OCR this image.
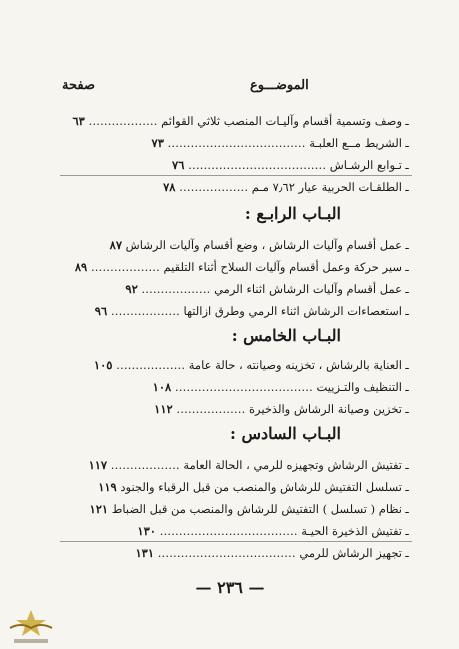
الموضـــوع
صفحة
ـوصف وتسمية أقسام وآليـات المنصب ثلاثي القوائم ……………… ٦٣
ـالشريط مــع العلبـة ……………………………… ٧٣
ـتـوابع الرشـاش ……………………………… ٧٦
ـالطلقـات الحربية عيار ٧٫٦٢ مـم ……………… ٧٨
البـاب الرابـع :
ـعمل أقسام وآليات الرشاش ، وضع أقسام وآليات الرشاش ٨٧
ـسير حركة وعمل أقسام وآليات السلاح أثناء التلقيم ……………… ٨٩
ـعمل أقسام وآليات الرشاش اثناء الرمي ……………… ٩٢
ـاستعصاءات الرشاش اثناء الرمي وطرق ازالتها ……………… ٩٦
البـاب الخامس :
ـالعناية بالرشاش ، تخزينه وصيانته ، حالة عامة ……………… ١٠٥
ـالتنظيف والتـزييت ……………………………… ١٠٨
ـتخزين وصيانة الرشاش والذخيرة ……………… ١١٢
البـاب السادس :
ـتفتيش الرشاش وتجهيزه للرمي ، الحالة العامة ……………… ١١٧
ـتسلسل التفتيش للرشاش والمنصب من قبل الرقباء والجنود ١١٩
ـنظام ( تسلسل ) التفتيش للرشاش والمنصب من قبل الضباط ١٢١
ـتفتيش الذخيرة الحيـة ……………………………… ١٣٠
ـتجهيز الرشاش للرمي ……………………………… ١٣١
— ٢٣٦ —
